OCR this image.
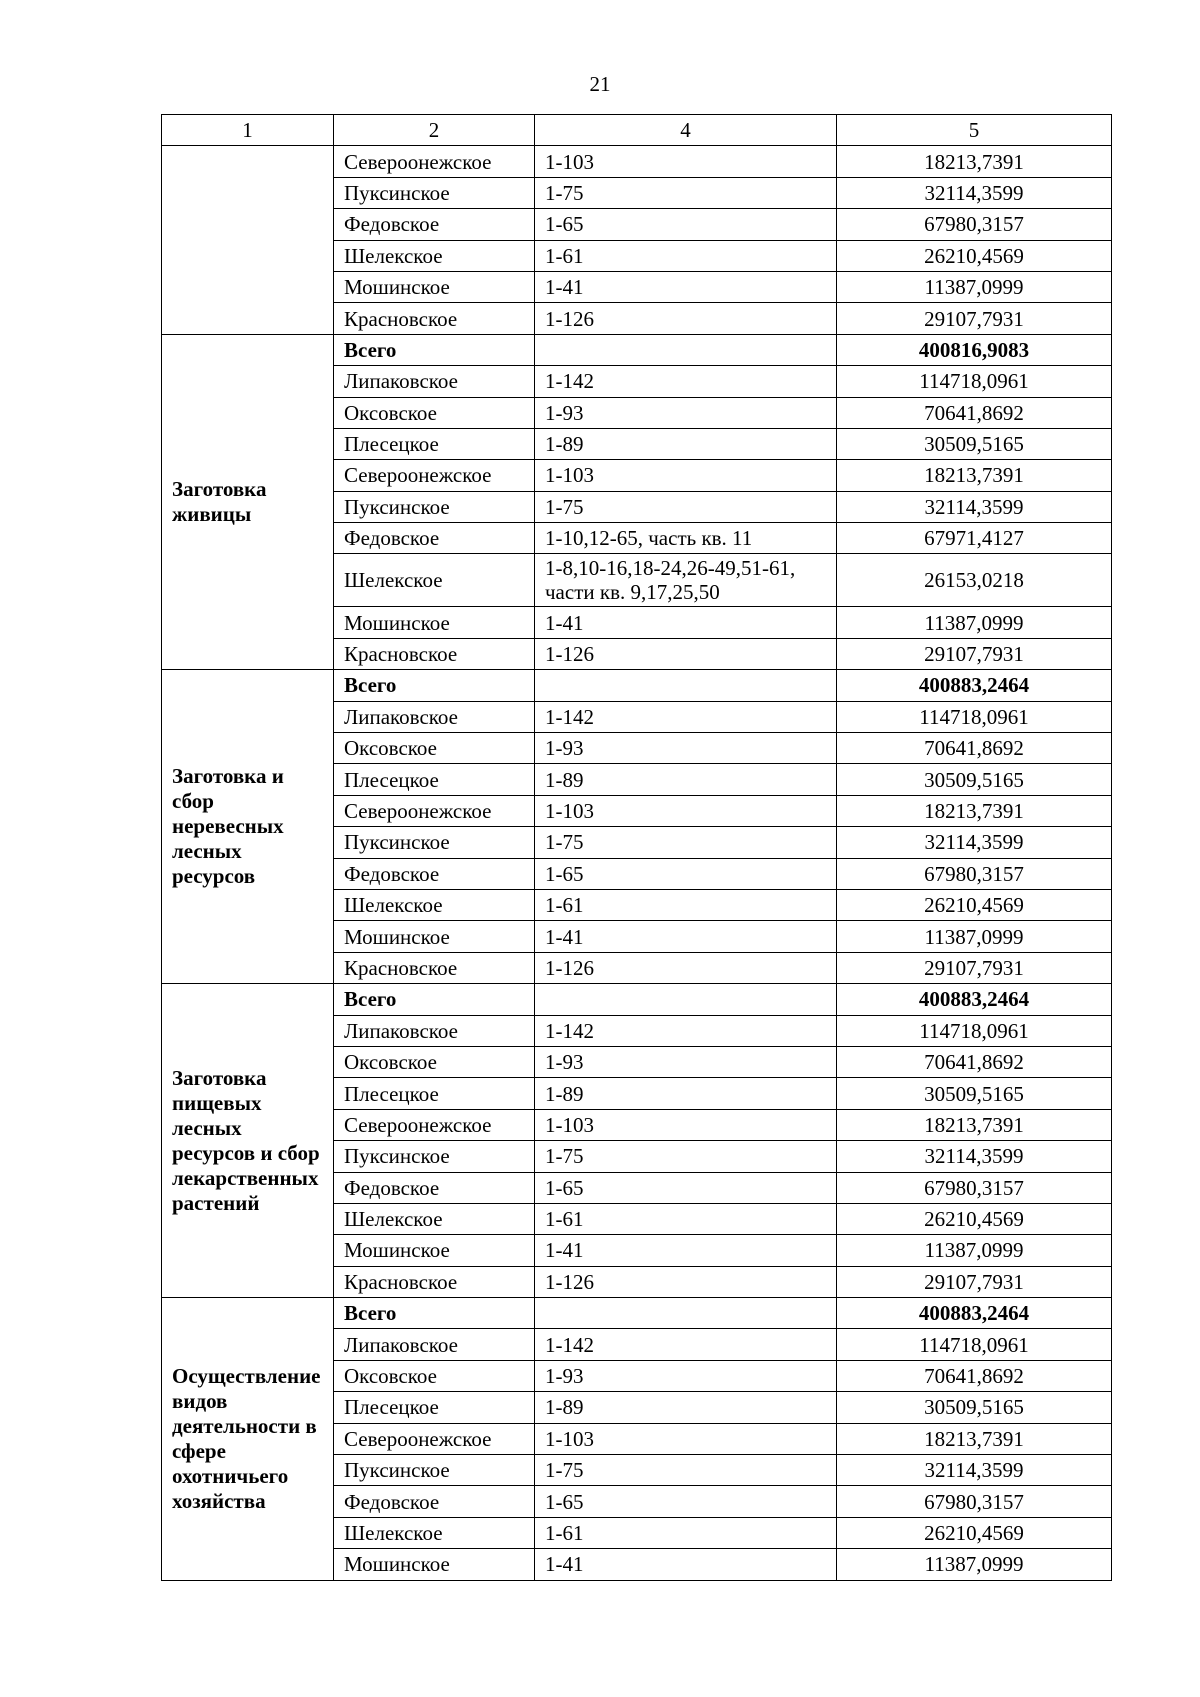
21
1	2	4	5
	Североонежское	1-103	18213,7391
	Пуксинское	1-75	32114,3599
	Федовское	1-65	67980,3157
	Шелекское	1-61	26210,4569
	Мошинское	1-41	11387,0999
	Красновское	1-126	29107,7931
Заготовка живицы	Всего		400816,9083
	Липаковское	1-142	114718,0961
	Оксовское	1-93	70641,8692
	Плесецкое	1-89	30509,5165
	Североонежское	1-103	18213,7391
	Пуксинское	1-75	32114,3599
	Федовское	1-10,12-65, часть кв. 11	67971,4127
	Шелекское	1-8,10-16,18-24,26-49,51-61, части кв. 9,17,25,50	26153,0218
	Мошинское	1-41	11387,0999
	Красновское	1-126	29107,7931
Заготовка и сбор неревесных лесных ресурсов	Всего		400883,2464
	Липаковское	1-142	114718,0961
	Оксовское	1-93	70641,8692
	Плесецкое	1-89	30509,5165
	Североонежское	1-103	18213,7391
	Пуксинское	1-75	32114,3599
	Федовское	1-65	67980,3157
	Шелекское	1-61	26210,4569
	Мошинское	1-41	11387,0999
	Красновское	1-126	29107,7931
Заготовка пищевых лесных ресурсов и сбор лекарственных растений	Всего		400883,2464
	Липаковское	1-142	114718,0961
	Оксовское	1-93	70641,8692
	Плесецкое	1-89	30509,5165
	Североонежское	1-103	18213,7391
	Пуксинское	1-75	32114,3599
	Федовское	1-65	67980,3157
	Шелекское	1-61	26210,4569
	Мошинское	1-41	11387,0999
	Красновское	1-126	29107,7931
Осуществление видов деятельности в сфере охотничьего хозяйства	Всего		400883,2464
	Липаковское	1-142	114718,0961
	Оксовское	1-93	70641,8692
	Плесецкое	1-89	30509,5165
	Североонежское	1-103	18213,7391
	Пуксинское	1-75	32114,3599
	Федовское	1-65	67980,3157
	Шелекское	1-61	26210,4569
	Мошинское	1-41	11387,0999
